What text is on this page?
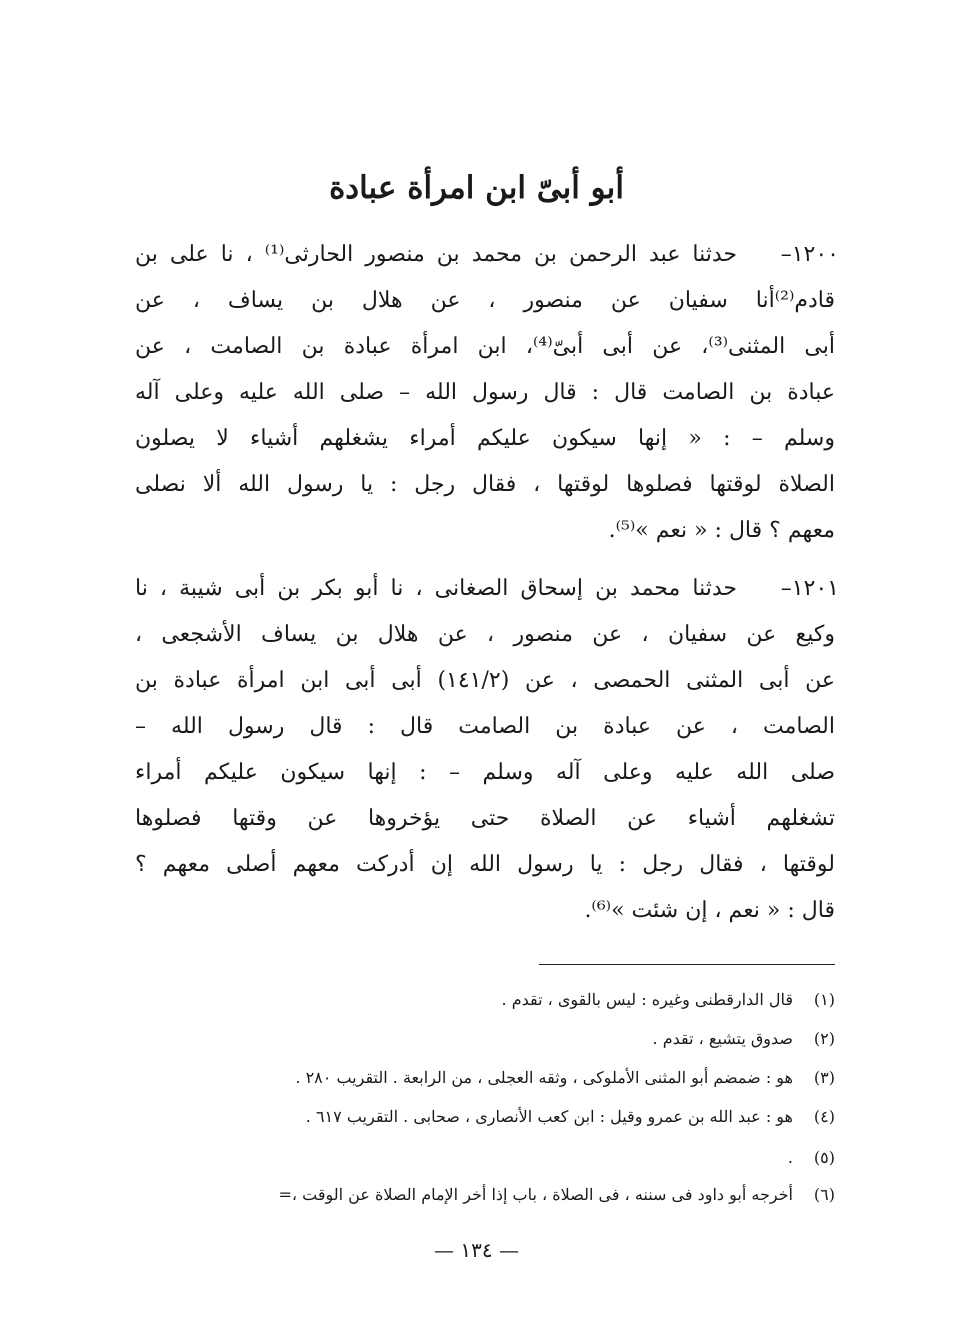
أبو أبىّ ابن امرأة عبادة
١٢٠٠–
حدثنا عبد الرحمن بن محمد بن منصور الحارثى⁽¹⁾ ، نا على بن
قادم⁽²⁾أنا سفيان عن منصور ، عن هلال بن يساف ، عن
أبى المثنى⁽³⁾، عن أبى أبىّ⁽⁴⁾، ابن امرأة عبادة بن الصامت ، عن
عبادة بن الصامت قال : قال رسول الله – صلى الله عليه وعلى آله
وسلم – : « إنها سيكون عليكم أمراء يشغلهم أشياء لا يصلون
الصلاة لوقتها فصلوها لوقتها ، فقال رجل : يا رسول الله ألا نصلى
معهم ؟ قال : « نعم »⁽⁵⁾.
١٢٠١–
حدثنا محمد بن إسحاق الصغانى ، نا أبو بكر بن أبى شيبة ، نا
وكيع عن سفيان ، عن منصور ، عن هلال بن يساف الأشجعى ،
عن أبى المثنى الحمصى ، عن (١٤١/٢) أبى أبى ابن امرأة عبادة بن
الصامت ، عن عبادة بن الصامت قال : قال رسول الله –
صلى الله عليه وعلى آله وسلم – : إنها سيكون عليكم أمراء
تشغلهم أشياء عن الصلاة حتى يؤخروها عن وقتها فصلوها
لوقتها ، فقال رجل : يا رسول الله إن أدركت معهم أصلى معهم ؟
قال : « نعم ، إن شئت »⁽⁶⁾.
(١)قال الدارقطنى وغيره : ليس بالقوى ، تقدم .
(٢)صدوق يتشيع ، تقدم .
(٣)هو : ضمضم أبو المثنى الأملوكى ، وثقه العجلى ، من الرابعة . التقريب ٢٨٠ .
(٤)هو : عبد الله بن عمرو وقيل : ابن كعب الأنصارى ، صحابى . التقريب ٦١٧ .
(٥).
(٦)أخرجه أبو داود فى سننه ، فى الصلاة ، باب إذا أخر الإمام الصلاة عن الوقت ،=
— ١٣٤ —
